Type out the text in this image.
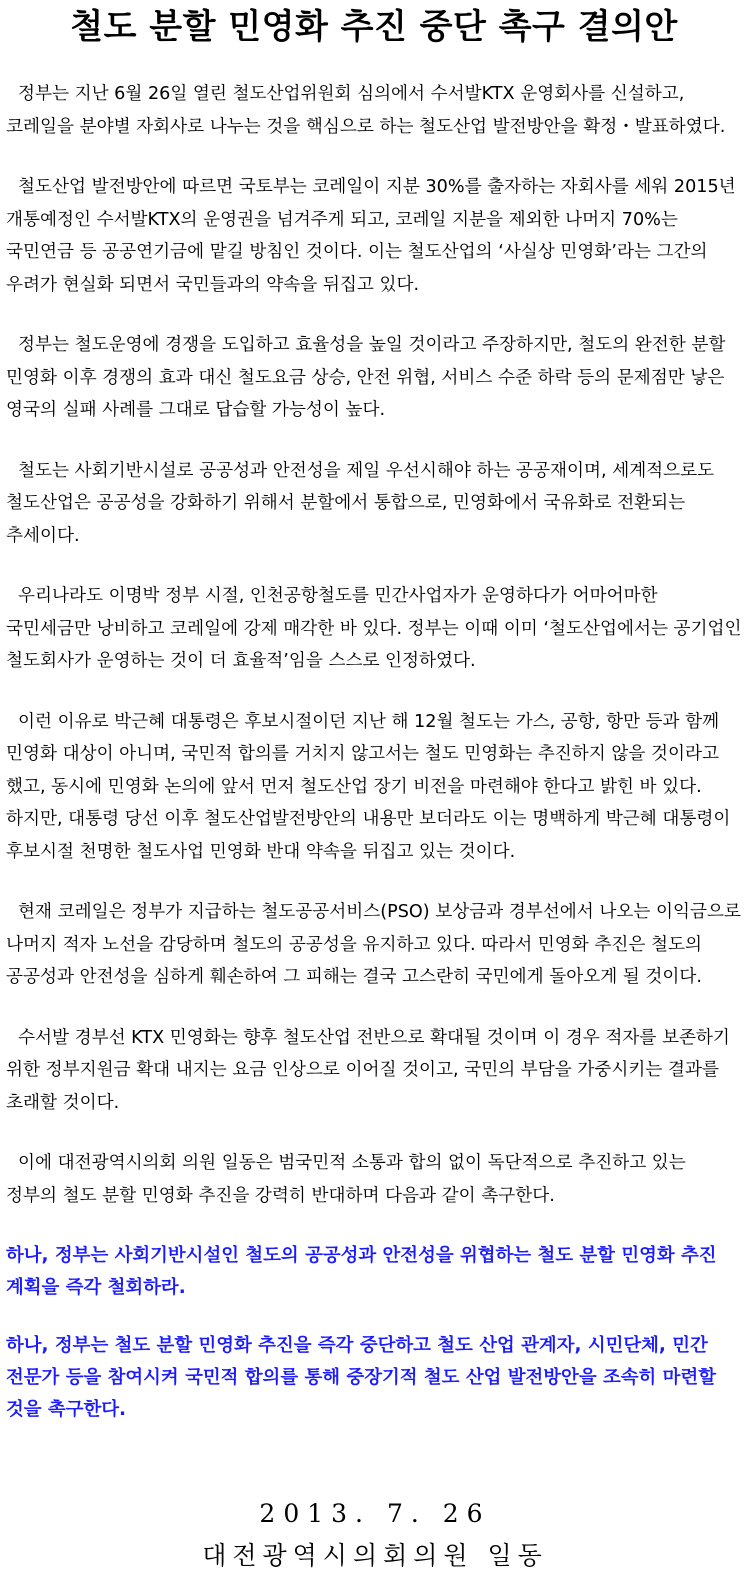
철도 분할 민영화 추진 중단 촉구 결의안

정부는 지난 6월 26일 열린 철도산업위원회 심의에서 수서발KTX 운영회사를 신설하고, 코레일을 분야별 자회사로 나누는 것을 핵심으로 하는 철도산업 발전방안을 확정・발표하였다.

철도산업 발전방안에 따르면 국토부는 코레일이 지분 30%를 출자하는 자회사를 세워 2015년 개통예정인 수서발KTX의 운영권을 넘겨주게 되고, 코레일 지분을 제외한 나머지 70%는 국민연금 등 공공연기금에 맡길 방침인 것이다. 이는 철도산업의 ‘사실상 민영화’라는 그간의 우려가 현실화 되면서 국민들과의 약속을 뒤집고 있다.

정부는 철도운영에 경쟁을 도입하고 효율성을 높일 것이라고 주장하지만, 철도의 완전한 분할 민영화 이후 경쟁의 효과 대신 철도요금 상승, 안전 위협, 서비스 수준 하락 등의 문제점만 낳은 영국의 실패 사례를 그대로 답습할 가능성이 높다.

철도는 사회기반시설로 공공성과 안전성을 제일 우선시해야 하는 공공재이며, 세계적으로도 철도산업은 공공성을 강화하기 위해서 분할에서 통합으로, 민영화에서 국유화로 전환되는 추세이다.

우리나라도 이명박 정부 시절, 인천공항철도를 민간사업자가 운영하다가 어마어마한 국민세금만 낭비하고 코레일에 강제 매각한 바 있다. 정부는 이때 이미 ‘철도산업에서는 공기업인 철도회사가 운영하는 것이 더 효율적’임을 스스로 인정하였다.

이런 이유로 박근혜 대통령은 후보시절이던 지난 해 12월 철도는 가스, 공항, 항만 등과 함께 민영화 대상이 아니며, 국민적 합의를 거치지 않고서는 철도 민영화는 추진하지 않을 것이라고 했고, 동시에 민영화 논의에 앞서 먼저 철도산업 장기 비전을 마련해야 한다고 밝힌 바 있다. 하지만, 대통령 당선 이후 철도산업발전방안의 내용만 보더라도 이는 명백하게 박근혜 대통령이 후보시절 천명한 철도사업 민영화 반대 약속을 뒤집고 있는 것이다.

현재 코레일은 정부가 지급하는 철도공공서비스(PSO) 보상금과 경부선에서 나오는 이익금으로 나머지 적자 노선을 감당하며 철도의 공공성을 유지하고 있다. 따라서 민영화 추진은 철도의 공공성과 안전성을 심하게 훼손하여 그 피해는 결국 고스란히 국민에게 돌아오게 될 것이다.

수서발 경부선 KTX 민영화는 향후 철도산업 전반으로 확대될 것이며 이 경우 적자를 보존하기 위한 정부지원금 확대 내지는 요금 인상으로 이어질 것이고, 국민의 부담을 가중시키는 결과를 초래할 것이다.

이에 대전광역시의회 의원 일동은 범국민적 소통과 합의 없이 독단적으로 추진하고 있는 정부의 철도 분할 민영화 추진을 강력히 반대하며 다음과 같이 촉구한다.

하나, 정부는 사회기반시설인 철도의 공공성과 안전성을 위협하는 철도 분할 민영화 추진 계획을 즉각 철회하라.

하나, 정부는 철도 분할 민영화 추진을 즉각 중단하고 철도 산업 관계자, 시민단체, 민간 전문가 등을 참여시켜 국민적 합의를 통해 중장기적 철도 산업 발전방안을 조속히 마련할 것을 촉구한다.

2013. 7. 26
대전광역시의회의원 일동
